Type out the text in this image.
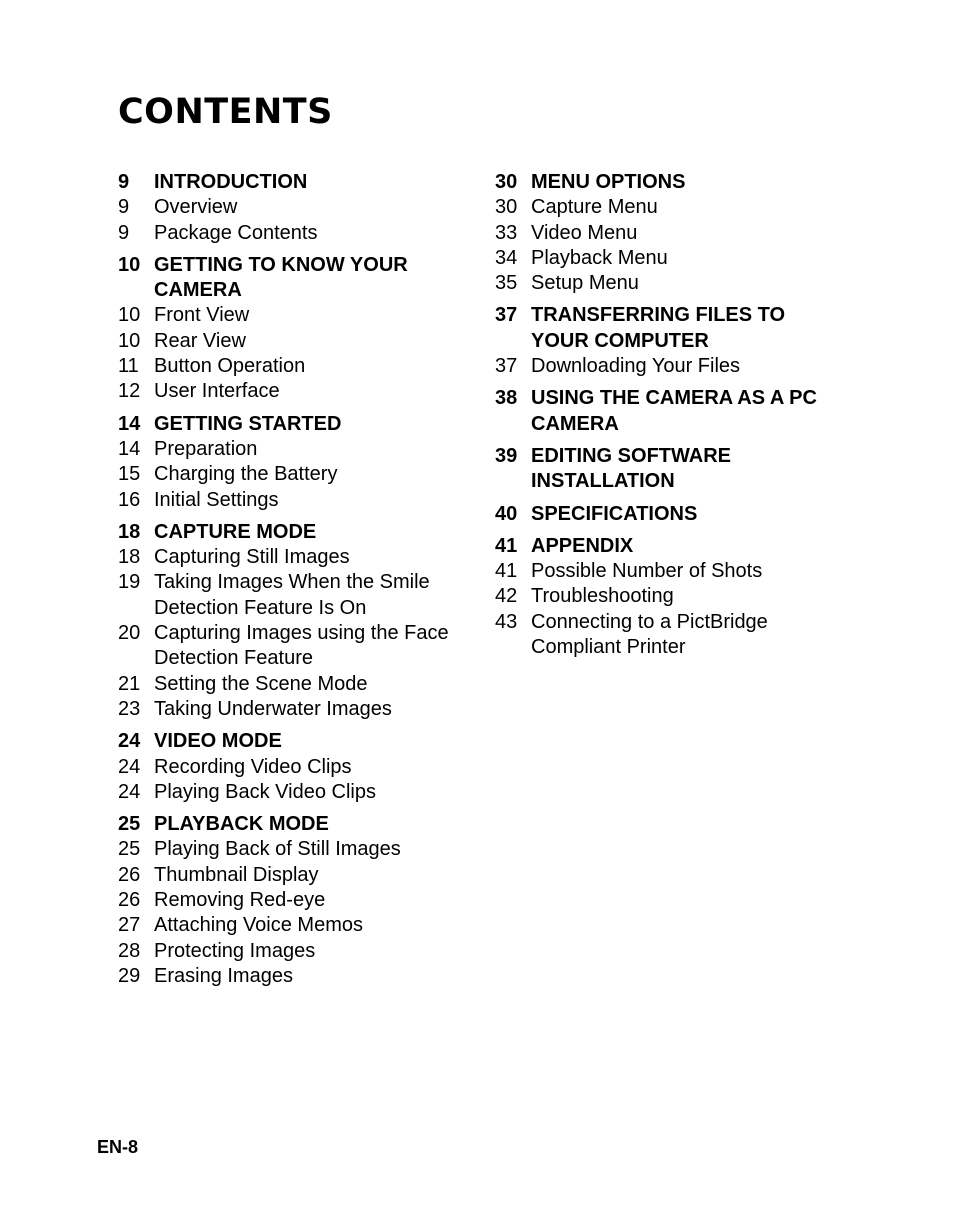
CONTENTS
9	INTRODUCTION
9	Overview
9	Package Contents
10 GETTING TO KNOW YOUR
CAMERA
10 Front View
10 Rear View
11 Button Operation
12 User Interface
14 GETTING STARTED
14 Preparation
15 Charging the Battery
16 Initial Settings
18 CAPTURE MODE
18 Capturing Still Images
19 Taking Images When the Smile
Detection Feature Is On
20 Capturing Images using the Face
Detection Feature
21 Setting the Scene Mode
23 Taking Underwater Images
24 VIDEO MODE
24 Recording Video Clips
24 Playing Back Video Clips
25 PLAYBACK MODE
25 Playing Back of Still Images
26 Thumbnail Display
26 Removing Red-eye
27 Attaching Voice Memos
28 Protecting Images
29 Erasing Images
30 MENU OPTIONS
30 Capture Menu
33 Video Menu
34 Playback Menu
35 Setup Menu
37 TRANSFERRING FILES TO
YOUR COMPUTER
37 Downloading Your Files
38 USING THE CAMERA AS A PC
CAMERA
39 EDITING SOFTWARE
INSTALLATION
40 SPECIFICATIONS
41 APPENDIX
41 Possible Number of Shots
42 Troubleshooting
43 Connecting to a PictBridge
Compliant Printer
EN-8
